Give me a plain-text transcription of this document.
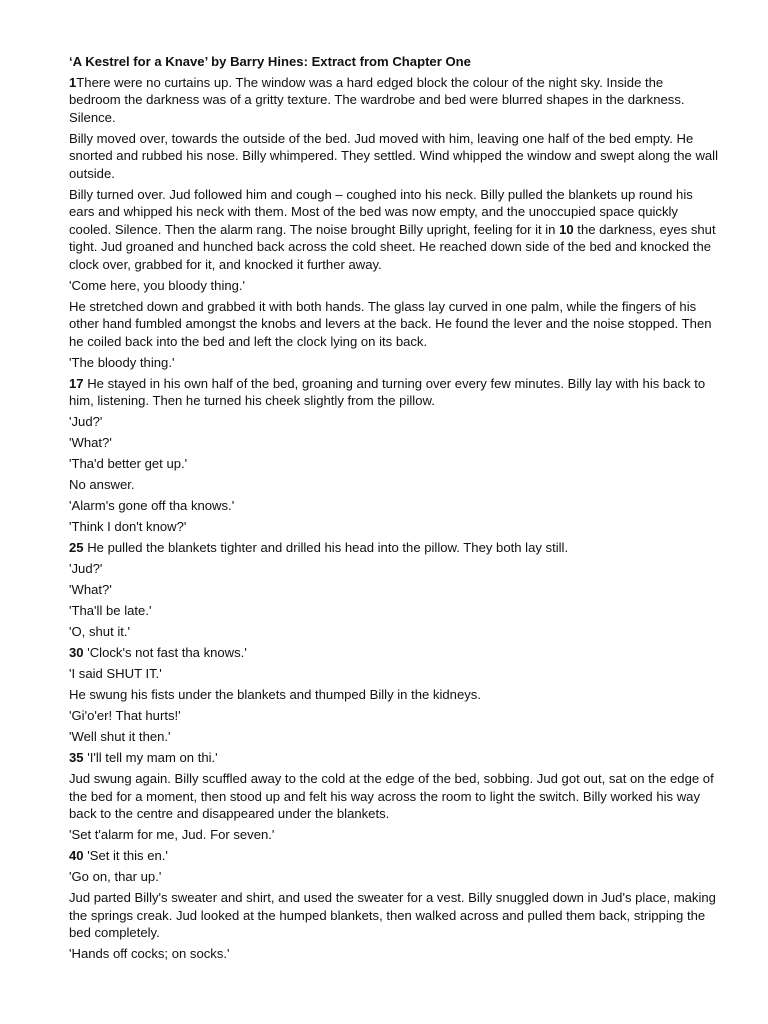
‘A Kestrel for a Knave’ by Barry Hines: Extract from Chapter One

1There were no curtains up. The window was a hard edged block the colour of the night sky. Inside the bedroom the darkness was of a gritty texture. The wardrobe and bed were blurred shapes in the darkness. Silence.

Billy moved over, towards the outside of the bed. Jud moved with him, leaving one half of the bed empty. He snorted and rubbed his nose. Billy whimpered. They settled. Wind whipped the window and swept along the wall outside.

Billy turned over. Jud followed him and cough – coughed into his neck. Billy pulled the blankets up round his ears and whipped his neck with them. Most of the bed was now empty, and the unoccupied space quickly cooled. Silence. Then the alarm rang. The noise brought Billy upright, feeling for it in 10 the darkness, eyes shut tight. Jud groaned and hunched back across the cold sheet. He reached down side of the bed and knocked the clock over, grabbed for it, and knocked it further away.

'Come here, you bloody thing.'

He stretched down and grabbed it with both hands. The glass lay curved in one palm, while the fingers of his other hand fumbled amongst the knobs and levers at the back. He found the lever and the noise stopped. Then he coiled back into the bed and left the clock lying on its back.

'The bloody thing.'

17 He stayed in his own half of the bed, groaning and turning over every few minutes. Billy lay with his back to him, listening. Then he turned his cheek slightly from the pillow.

'Jud?'

'What?'

'Tha'd better get up.'

No answer.

'Alarm's gone off tha knows.'

'Think I don't know?'

25 He pulled the blankets tighter and drilled his head into the pillow. They both lay still.

'Jud?'

'What?'

'Tha'll be late.'

'O, shut it.'

30 'Clock's not fast tha knows.'

'I said SHUT IT.'

He swung his fists under the blankets and thumped Billy in the kidneys.

'Gi'o'er! That hurts!'

'Well shut it then.'

35 'I'll tell my mam on thi.'

Jud swung again. Billy scuffled away to the cold at the edge of the bed, sobbing. Jud got out, sat on the edge of the bed for a moment, then stood up and felt his way across the room to light the switch. Billy worked his way back to the centre and disappeared under the blankets.

'Set t'alarm for me, Jud. For seven.'

40 'Set it this en.'

'Go on, thar up.'

Jud parted Billy's sweater and shirt, and used the sweater for a vest. Billy snuggled down in Jud's place, making the springs creak. Jud looked at the humped blankets, then walked across and pulled them back, stripping the bed completely.

'Hands off cocks; on socks.'
